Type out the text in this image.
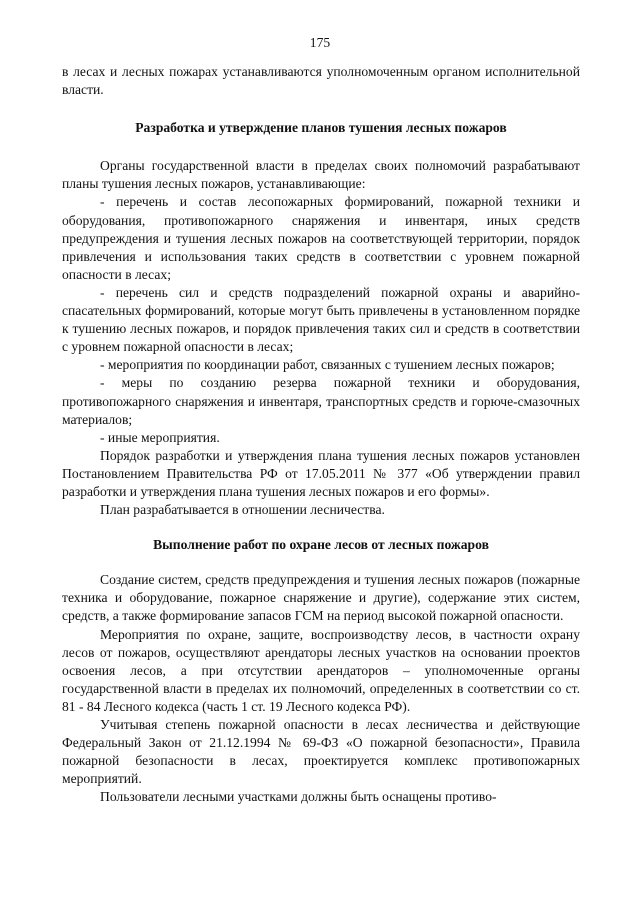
175

в лесах и лесных пожарах устанавливаются уполномоченным органом исполнительной власти.

Разработка и утверждение планов тушения лесных пожаров

Органы государственной власти в пределах своих полномочий разрабатывают планы тушения лесных пожаров, устанавливающие:

- перечень и состав лесопожарных формирований, пожарной техники и оборудования, противопожарного снаряжения и инвентаря, иных средств предупреждения и тушения лесных пожаров на соответствующей территории, порядок привлечения и использования таких средств в соответствии с уровнем пожарной опасности в лесах;

- перечень сил и средств подразделений пожарной охраны и аварийно-спасательных формирований, которые могут быть привлечены в установленном порядке к тушению лесных пожаров, и порядок привлечения таких сил и средств в соответствии с уровнем пожарной опасности в лесах;

- мероприятия по координации работ, связанных с тушением лесных пожаров;

- меры по созданию резерва пожарной техники и оборудования, противопожарного снаряжения и инвентаря, транспортных средств и горюче-смазочных материалов;

- иные мероприятия.

Порядок разработки и утверждения плана тушения лесных пожаров установлен Постановлением Правительства РФ от 17.05.2011 № 377 «Об утверждении правил разработки и утверждения плана тушения лесных пожаров и его формы».

План разрабатывается в отношении лесничества.

Выполнение работ по охране лесов от лесных пожаров

Создание систем, средств предупреждения и тушения лесных пожаров (пожарные техника и оборудование, пожарное снаряжение и другие), содержание этих систем, средств, а также формирование запасов ГСМ на период высокой пожарной опасности.

Мероприятия по охране, защите, воспроизводству лесов, в частности охрану лесов от пожаров, осуществляют арендаторы лесных участков на основании проектов освоения лесов, а при отсутствии арендаторов – уполномоченные органы государственной власти в пределах их полномочий, определенных в соответствии со ст. 81 - 84 Лесного кодекса (часть 1 ст. 19 Лесного кодекса РФ).

Учитывая степень пожарной опасности в лесах лесничества и действующие Федеральный Закон от 21.12.1994 № 69-ФЗ «О пожарной безопасности», Правила пожарной безопасности в лесах, проектируется комплекс противопожарных мероприятий.

Пользователи лесными участками должны быть оснащены противо-
